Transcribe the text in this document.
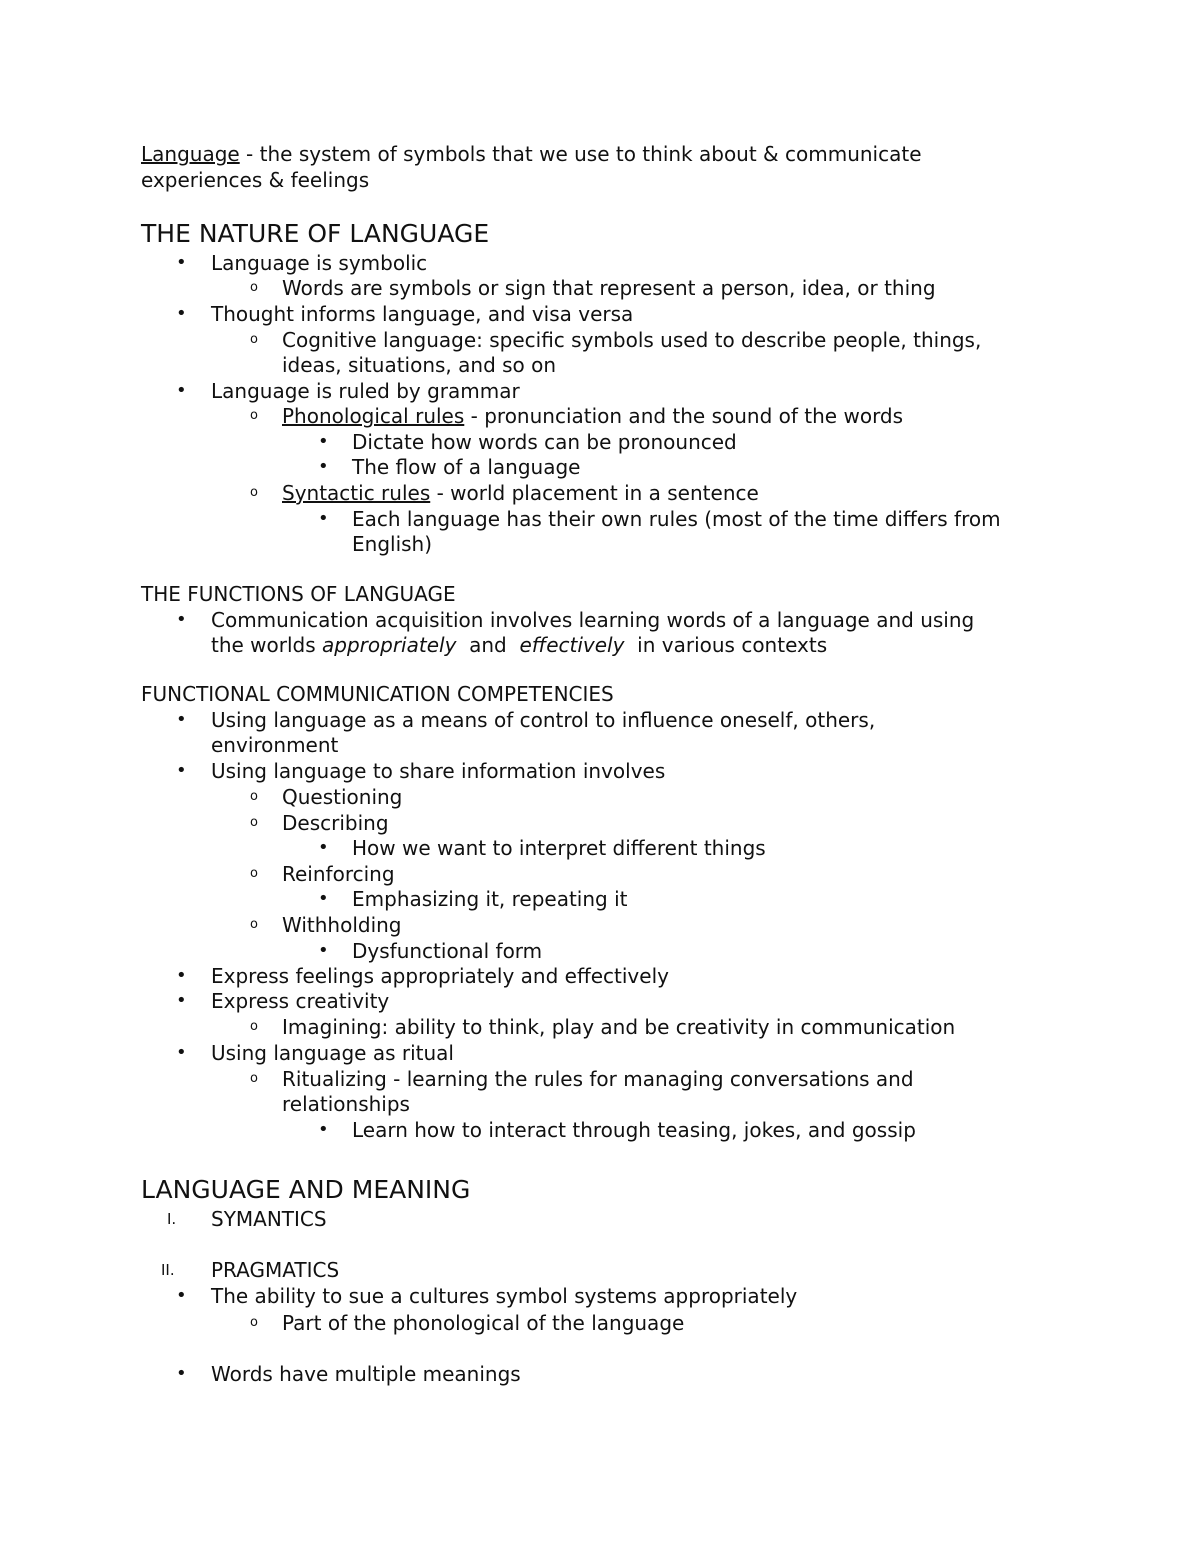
Language - the system of symbols that we use to think about & communicate
experiences & feelings
THE NATURE OF LANGUAGE
• Language is symbolic
o Words are symbols or sign that represent a person, idea, or thing
• Thought informs language, and visa versa
o Cognitive language: specific symbols used to describe people, things,
ideas, situations, and so on
• Language is ruled by grammar
o Phonological rules - pronunciation and the sound of the words
• Dictate how words can be pronounced
• The flow of a language
o Syntactic rules - world placement in a sentence
• Each language has their own rules (most of the time differs from
English)
THE FUNCTIONS OF LANGUAGE
• Communication acquisition involves learning words of a language and using
the worlds appropriately  and  effectively  in various contexts
FUNCTIONAL COMMUNICATION COMPETENCIES
• Using language as a means of control to influence oneself, others,
environment
• Using language to share information involves
o Questioning
o Describing
• How we want to interpret different things
o Reinforcing
• Emphasizing it, repeating it
o Withholding
• Dysfunctional form
• Express feelings appropriately and effectively
• Express creativity
o Imagining: ability to think, play and be creativity in communication
• Using language as ritual
o Ritualizing - learning the rules for managing conversations and
relationships
• Learn how to interact through teasing, jokes, and gossip
LANGUAGE AND MEANING
I. SYMANTICS
II. PRAGMATICS
• The ability to sue a cultures symbol systems appropriately
o Part of the phonological of the language
• Words have multiple meanings
